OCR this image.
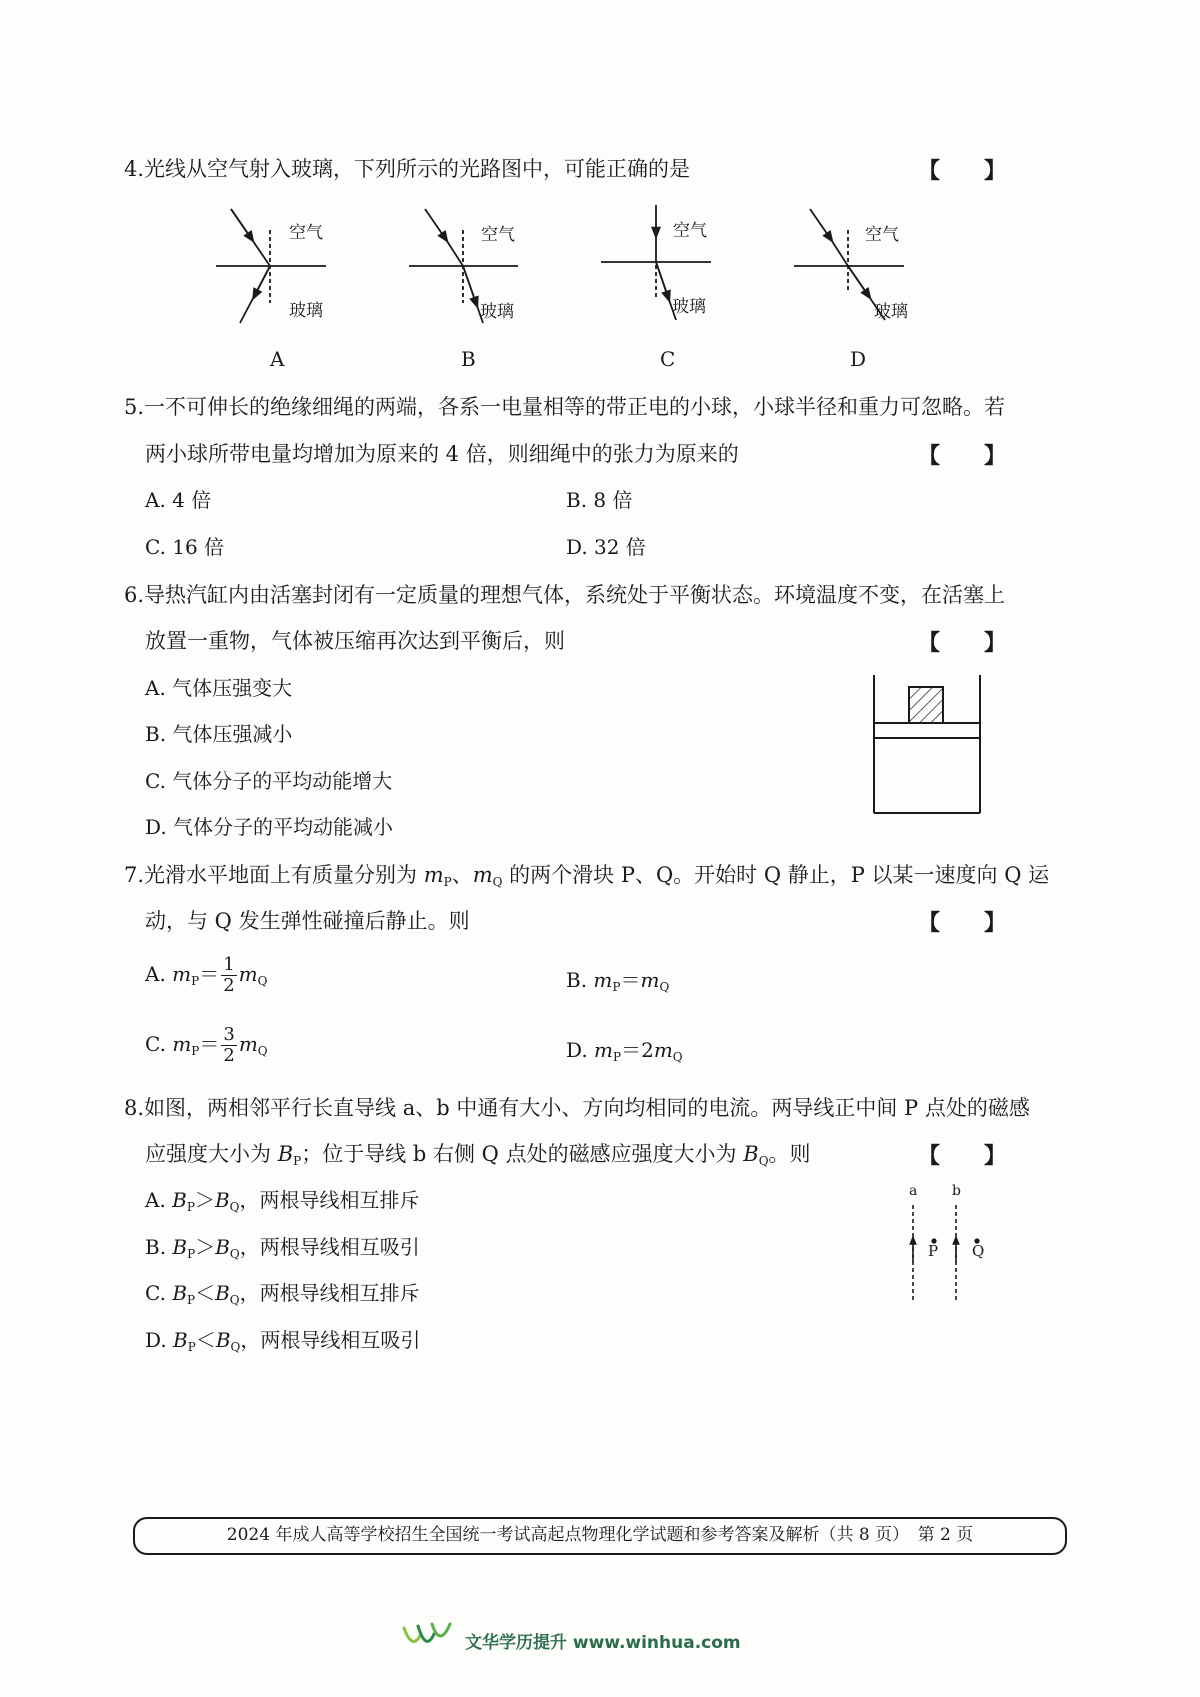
4.光线从空气射入玻璃，下列所示的光路图中，可能正确的是	【　　】
空气
玻璃
空气
玻璃
空气
玻璃
空气
玻璃
A	B	C	D
5.一不可伸长的绝缘细绳的两端，各系一电量相等的带正电的小球，小球半径和重力可忽略。若
两小球所带电量均增加为原来的 4 倍，则细绳中的张力为原来的	【　　】
A. 4 倍	B. 8 倍
C. 16 倍	D. 32 倍
6.导热汽缸内由活塞封闭有一定质量的理想气体，系统处于平衡状态。环境温度不变，在活塞上
放置一重物，气体被压缩再次达到平衡后，则	【　　】
A. 气体压强变大
B. 气体压强减小
C. 气体分子的平均动能增大
D. 气体分子的平均动能减小
7.光滑水平地面上有质量分别为 $m_P$、$m_Q$ 的两个滑块 P、Q。开始时 Q 静止，P 以某一速度向 Q 运
动，与 Q 发生弹性碰撞后静止。则	【　　】
A. $m_P= \frac{1}{2} m_Q$	B. $m_P=m_Q$
C. $m_P= \frac{3}{2} m_Q$	D. $m_P=2m_Q$
8.如图，两相邻平行长直导线 a、b 中通有大小、方向均相同的电流。两导线正中间 P 点处的磁感
应强度大小为 $B_P$；位于导线 b 右侧 Q 点处的磁感应强度大小为 $B_Q$。则	【　　】
A. $B_P>B_Q$，两根导线相互排斥
B. $B_P>B_Q$，两根导线相互吸引
C. $B_P<B_Q$，两根导线相互排斥
D. $B_P<B_Q$，两根导线相互吸引
a b
P Q
2024 年成人高等学校招生全国统一考试高起点物理化学试题和参考答案及解析（共 8 页）　第 2 页
文华学历提升 www.winhua.com
